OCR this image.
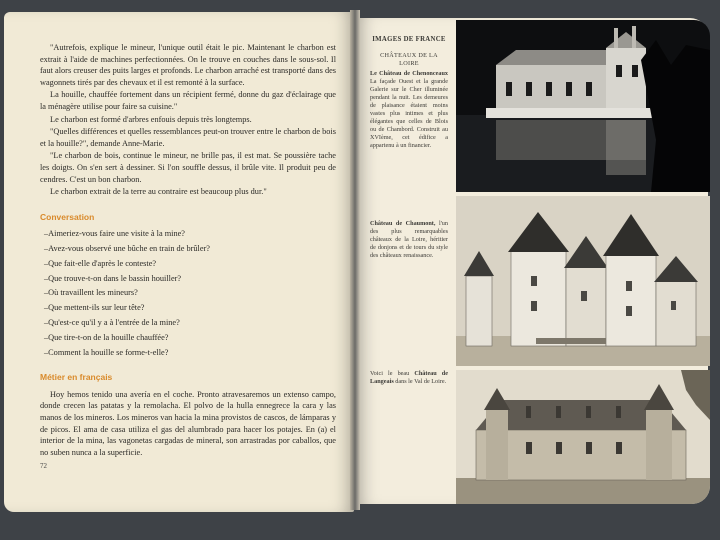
"Autrefois, explique le mineur, l'unique outil était le pic. Maintenant le charbon est extrait à l'aide de machines perfectionnées. On le trouve en couches dans le sous-sol. Il faut alors creuser des puits larges et profonds. Le charbon arraché est transporté dans des wagonnets tirés par des chevaux et il est remonté à la surface.

La houille, chauffée fortement dans un récipient fermé, donne du gaz d'éclairage que la ménagère utilise pour faire sa cuisine."

Le charbon est formé d'arbres enfouis depuis très longtemps.

"Quelles différences et quelles ressemblances peut-on trouver entre le charbon de bois et la houille?", demande Anne-Marie.

"Le charbon de bois, continue le mineur, ne brille pas, il est mat. Se poussière tache les doigts. On s'en sert à dessiner. Si l'on souffle dessus, il brûle vite. Il produit peu de cendres. C'est un bon charbon.

Le charbon extrait de la terre au contraire est beaucoup plus dur."

Conversation
–Aimeriez-vous faire une visite à la mine?
–Avez-vous observé une bûche en train de brûler?
–Que fait-elle d'après le conteste?
–Que trouve-t-on dans le bassin houiller?
–Où travaillent les mineurs?
–Que mettent-ils sur leur tête?
–Qu'est-ce qu'il y a à l'entrée de la mine?
–Que tire-t-on de la houille chauffée?
–Comment la houille se forme-t-elle?
Métier en français

Hoy hemos tenido una avería en el coche. Pronto atravesaremos un extenso campo, donde crecen las patatas y la remolacha. El polvo de la hulla ennegrece la cara y las manos de los mineros. Los mineros van hacia la mina provistos de cascos, de lámparas y de picos. El ama de casa utiliza el gas del alumbrado para hacer los potajes. En (a) el interior de la mina, las vagonetas cargadas de mineral, son arrastradas por caballos, que no suben nunca a la superficie.

72
IMAGES DE FRANCE
CHÂTEAUX DE LA LOIRE
Le Château de Chenonceaux La façade Ouest et la grande Galerie sur le Cher illuminée pendant la nuit. Les demeures de plaisance étaient moins vastes plus intimes et plus élégantes que celles de Blois ou de Chambord. Construit au XVIème, cet édifice a appartenu à un financier.
Château de Chaumont, l'un des plus remarquables châteaux de la Loire, héritier de donjons et de tours du style des châteaux renaissance.
Voici le beau Château de Langeais dans le Val de Loire.
